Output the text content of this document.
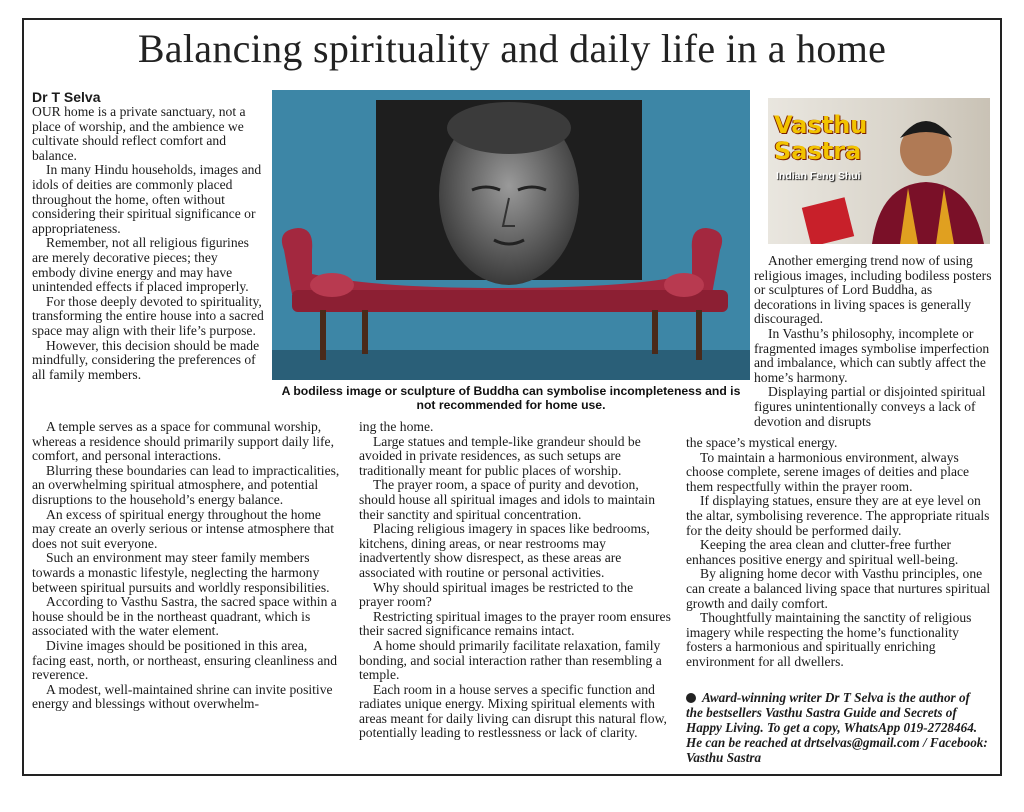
Balancing spirituality and daily life in a home
Dr T Selva

OUR home is a private sanctuary, not a place of worship, and the ambience we cultivate should reflect comfort and balance.

In many Hindu households, images and idols of deities are commonly placed throughout the home, often without considering their spiritual significance or appropriateness.

Remember, not all religious figurines are merely decorative pieces; they embody divine energy and may have unintended effects if placed improperly.

For those deeply devoted to spirituality, transforming the entire house into a sacred space may align with their life’s purpose.

However, this decision should be made mindfully, considering the preferences of all family members.

A temple serves as a space for communal worship, whereas a residence should primarily support daily life, comfort, and personal interactions.

Blurring these boundaries can lead to impracticalities, an overwhelming spiritual atmosphere, and potential disruptions to the household’s energy balance.

An excess of spiritual energy throughout the home may create an overly serious or intense atmosphere that does not suit everyone.

Such an environment may steer family members towards a monastic lifestyle, neglecting the harmony between spiritual pursuits and worldly responsibilities.

According to Vasthu Sastra, the sacred space within a house should be in the northeast quadrant, which is associated with the water element.

Divine images should be positioned in this area, facing east, north, or northeast, ensuring cleanliness and reverence.

A modest, well-maintained shrine can invite positive energy and blessings without overwhelm-

A bodiless image or sculpture of Buddha can symbolise incompleteness and is not recommended for home use.
Vasthu
Sastra
Indian Feng Shui

ing the home.

Large statues and temple-like grandeur should be avoided in private residences, as such setups are traditionally meant for public places of worship.

The prayer room, a space of purity and devotion, should house all spiritual images and idols to maintain their sanctity and spiritual concentration.

Placing religious imagery in spaces like bedrooms, kitchens, dining areas, or near restrooms may inadvertently show disrespect, as these areas are associated with routine or personal activities.

Why should spiritual images be restricted to the prayer room?

Restricting spiritual images to the prayer room ensures their sacred significance remains intact.

A home should primarily facilitate relaxation, family bonding, and social interaction rather than resembling a temple.

Each room in a house serves a specific function and radiates unique energy. Mixing spiritual elements with areas meant for daily living can disrupt this natural flow, potentially leading to restlessness or lack of clarity.

Another emerging trend now of using religious images, including bodiless posters or sculptures of Lord Buddha, as decorations in living spaces is generally discouraged.

In Vasthu’s philosophy, incomplete or fragmented images symbolise imperfection and imbalance, which can subtly affect the home’s harmony.

Displaying partial or disjointed spiritual figures unintentionally conveys a lack of devotion and disrupts

the space’s mystical energy.

To maintain a harmonious environment, always choose complete, serene images of deities and place them respectfully within the prayer room.

If displaying statues, ensure they are at eye level on the altar, symbolising reverence. The appropriate rituals for the deity should be performed daily.

Keeping the area clean and clutter-free further enhances positive energy and spiritual well-being.

By aligning home decor with Vasthu principles, one can create a balanced living space that nurtures spiritual growth and daily comfort.

Thoughtfully maintaining the sanctity of religious imagery while respecting the home’s functionality fosters a harmonious and spiritually enriching environment for all dwellers.

Award-winning writer Dr T Selva is the author of the bestsellers Vasthu Sastra Guide and Secrets of Happy Living. To get a copy, WhatsApp 019-2728464. He can be reached at drtselvas@gmail.com / Facebook: Vasthu Sastra
